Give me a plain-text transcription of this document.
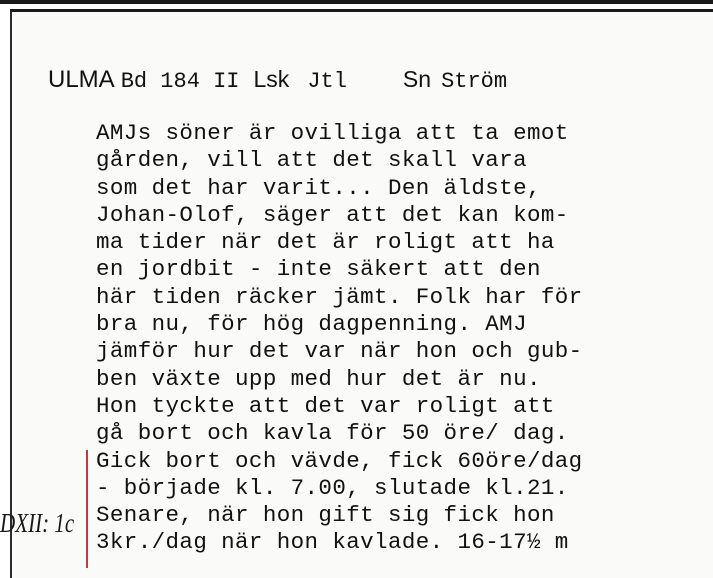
ULMA Bd 184 II Lsk Jtl Sn Ström
AMJs söner är ovilliga att ta emot
gården, vill att det skall vara
som det har varit... Den äldste,
Johan-Olof, säger att det kan kom-
ma tider när det är roligt att ha
en jordbit - inte säkert att den
här tiden räcker jämt. Folk har för
bra nu, för hög dagpenning. AMJ
jämför hur det var när hon och gub-
ben växte upp med hur det är nu.
Hon tyckte att det var roligt att
gå bort och kavla för 50 öre/ dag.
Gick bort och vävde, fick 60öre/dag
- började kl. 7.00, slutade kl.21.
Senare, när hon gift sig fick hon
3kr./dag när hon kavlade. 16-17½ m
DXII: 1c
